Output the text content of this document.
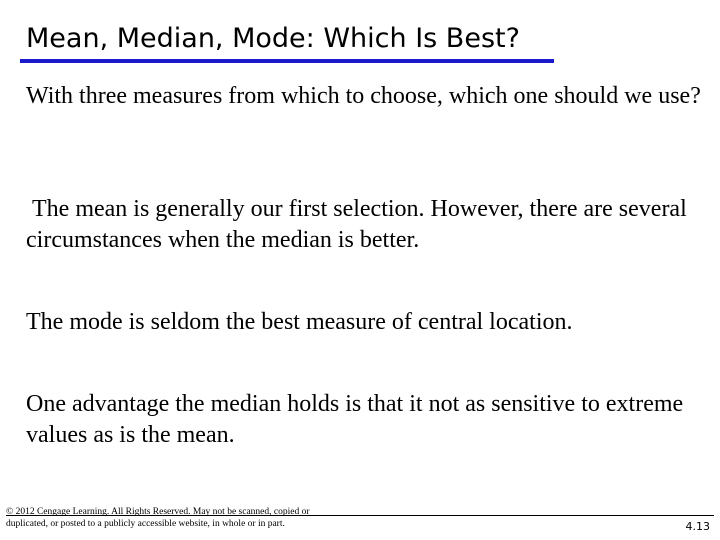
Mean, Median, Mode: Which Is Best?
With three measures from which to choose, which one should we use?
The mean is generally our first selection. However, there are several circumstances when the median is better.
The mode is seldom the best measure of central location.
One advantage the median holds is that it not as sensitive to extreme values as is the mean.
© 2012 Cengage Learning. All Rights Reserved. May not be scanned, copied or
duplicated, or posted to a publicly accessible website, in whole or in part.	4.13
